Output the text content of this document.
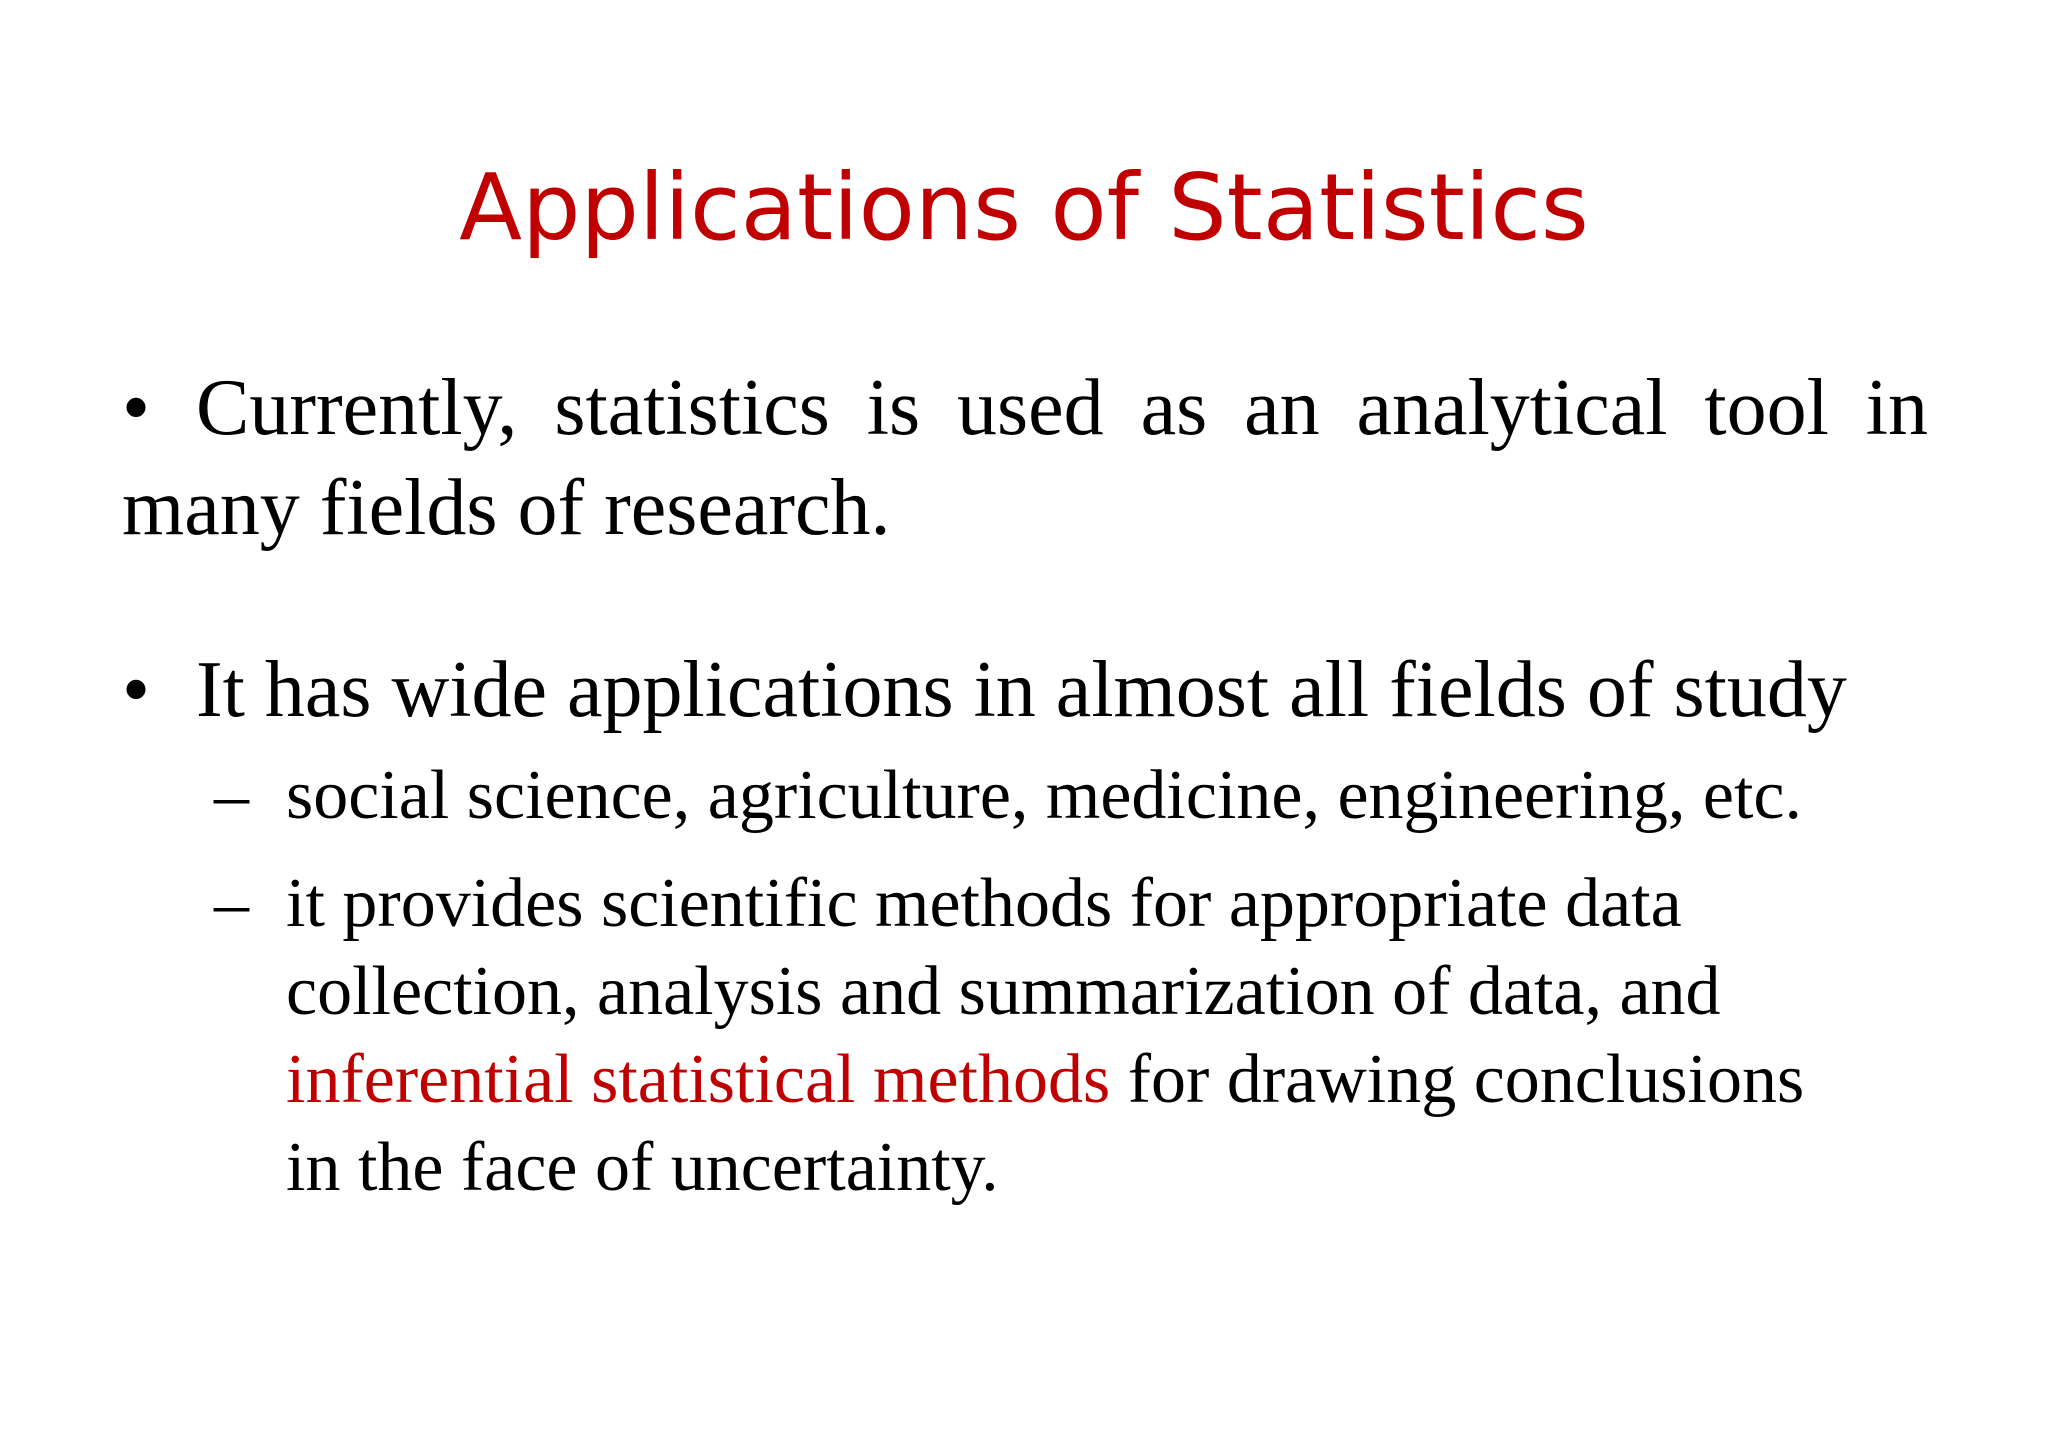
Applications of Statistics
• Currently, statistics is used as an analytical tool in
many fields of research.
• It has wide applications in almost all fields of study
– social science, agriculture, medicine, engineering, etc.
– it provides scientific methods for appropriate data
collection, analysis and summarization of data, and
inferential statistical methods for drawing conclusions
in the face of uncertainty.
